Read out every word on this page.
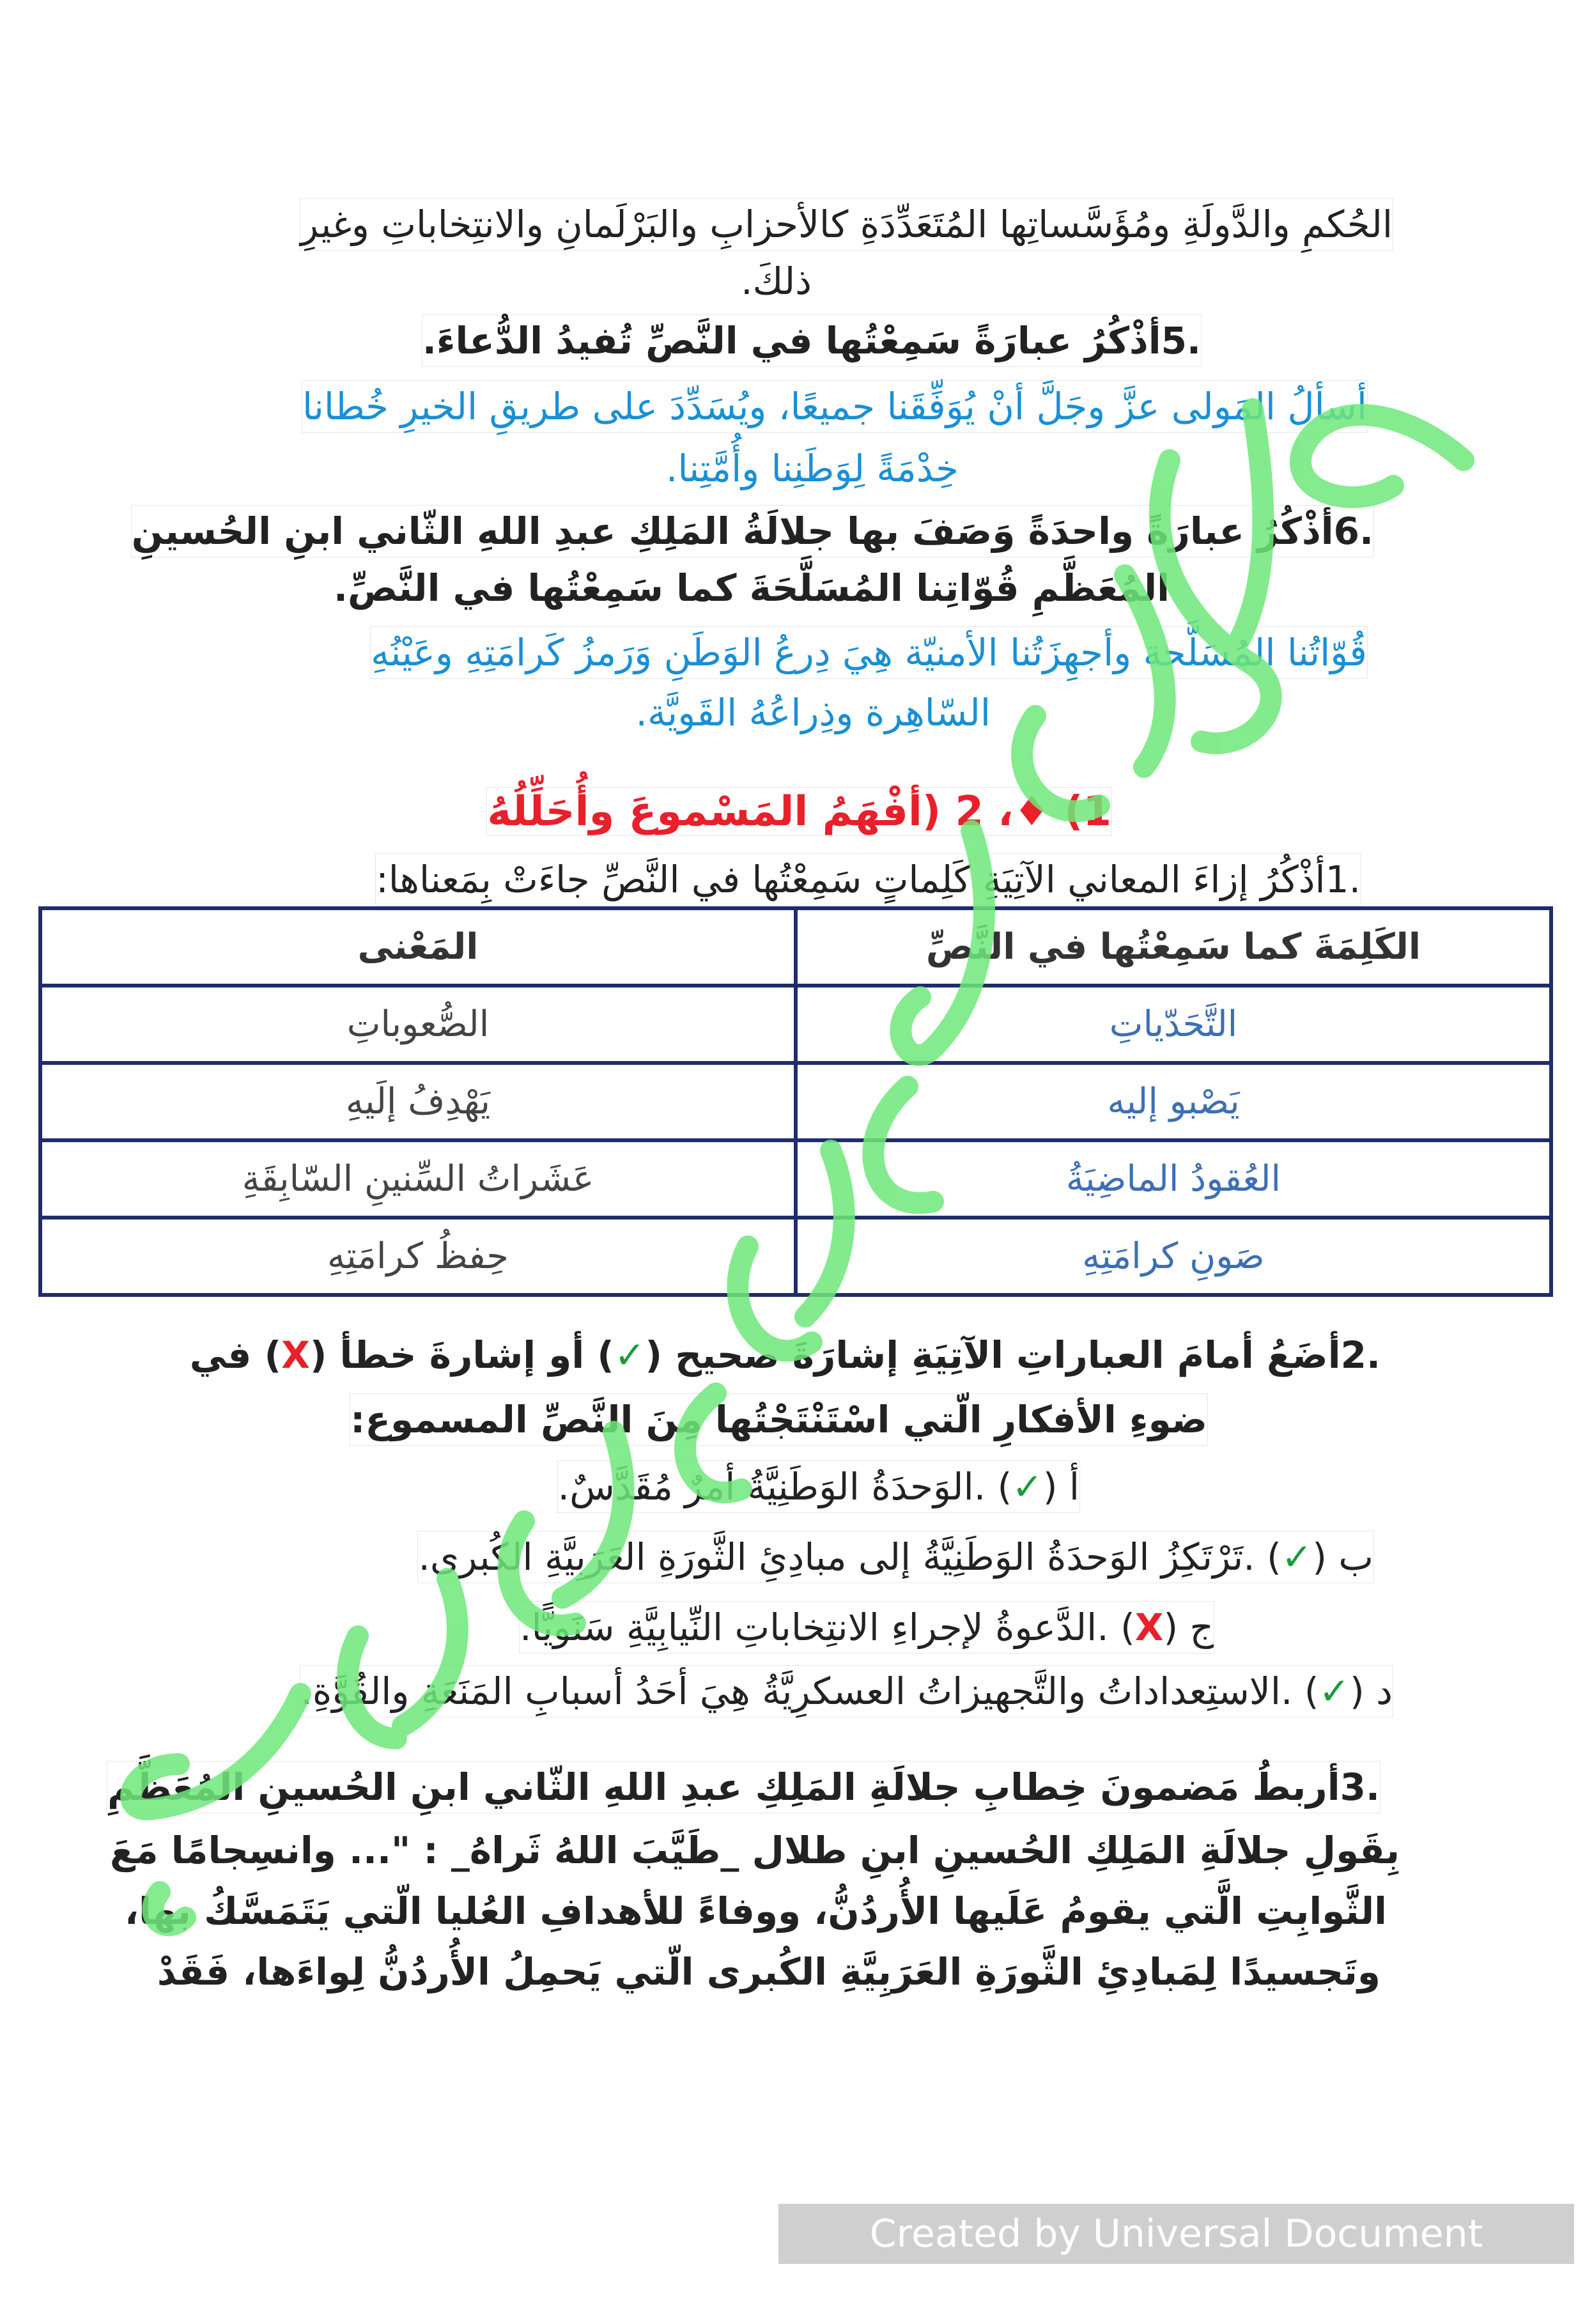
الحُكمِ والدَّولَةِ ومُؤَسَّساتِها المُتَعَدِّدَةِ كالأحزابِ والبَرْلَمانِ والانتِخاباتِ وغيرِ
ذلكَ.
.5أذْكُرُ عبارَةً سَمِعْتُها في النَّصِّ تُفيدُ الدُّعاءَ.
أسألُ المَولى عزَّ وجَلَّ أنْ يُوَفِّقَنا جميعًا، ويُسَدِّدَ على طريقِ الخيرِ خُطانا
خِدْمَةً لِوَطَنِنا وأُمَّتِنا.
.6أذْكُرُ عبارَةً واحدَةً وَصَفَ بها جلالَةُ المَلِكِ عبدِ اللهِ الثّاني ابنِ الحُسينِ
المُعَظَّمِ قُوّاتِنا المُسَلَّحَةَ كما سَمِعْتُها في النَّصِّ.
قُوّاتُنا المُسَلَّحة وأجهِزَتُنا الأمنيّة هِيَ دِرعُ الوَطَنِ وَرَمزُ كَرامَتِهِ وعَيْنُهِ
السّاهِرة وذِراعُهُ القَويَّة.
1) ♦، 2 (أفْهَمُ المَسْموعَ وأُحَلِّلُهُ
.1أذْكُرُ إزاءَ المعاني الآتِيَةِ كَلِماتٍ سَمِعْتُها في النَّصِّ جاءَتْ بِمَعناها:
الكَلِمَةَ كما سَمِعْتُها في النَّصِّ	المَعْنى
التَّحَدّياتِ	الصُّعوباتِ
يَصْبو إليه	يَهْدِفُ إلَيهِ
العُقودُ الماضِيَةُ	عَشَراتُ السِّنينِ السّابِقَةِ
صَونِ كرامَتِهِ	حِفظُ كرامَتِهِ
.2أضَعُ أمامَ العباراتِ الآتِيَةِ إشارَةَ صحيح (✓) أو إشارةَ خطأ (X) في
ضوءِ الأفكارِ الّتي اسْتَنْتَجْتُها مِنَ النَّصِّ المسموع:
أ (✓) .الوَحدَةُ الوَطَنِيَّةُ أمرٌ مُقَدَّسٌ.
ب (✓) .تَرْتَكِزُ الوَحدَةُ الوَطَنِيَّةُ إلى مبادِئِ الثَّورَةِ العَرَبِيَّةِ الكُبرى.
ج (X) .الدَّعوةُ لإجراءِ الانتِخاباتِ النِّيابِيَّةِ سَنَويًّا.
د (✓) .الاستِعداداتُ والتَّجهيزاتُ العسكرِيَّةُ هِيَ أحَدُ أسبابِ المَنَعَةِ والقُوَّةِ.
.3أربطُ مَضمونَ خِطابِ جلالَةِ المَلِكِ عبدِ اللهِ الثّاني ابنِ الحُسينِ المُعَظَّمِ
بِقَولِ جلالَةِ المَلِكِ الحُسينِ ابنِ طلال _طَيَّبَ اللهُ ثَراهُ_ : "... وانسِجامًا مَعَ
الثَّوابِتِ الَّتي يقومُ عَلَيها الأُردُنُّ، ووفاءً للأهدافِ العُليا الّتي يَتَمَسَّكُ بها،
وتَجسيدًا لِمَبادِئِ الثَّورَةِ العَرَبِيَّةِ الكُبرى الّتي يَحمِلُ الأُردُنُّ لِواءَها، فَقَدْ
Created by Universal Document Converter
